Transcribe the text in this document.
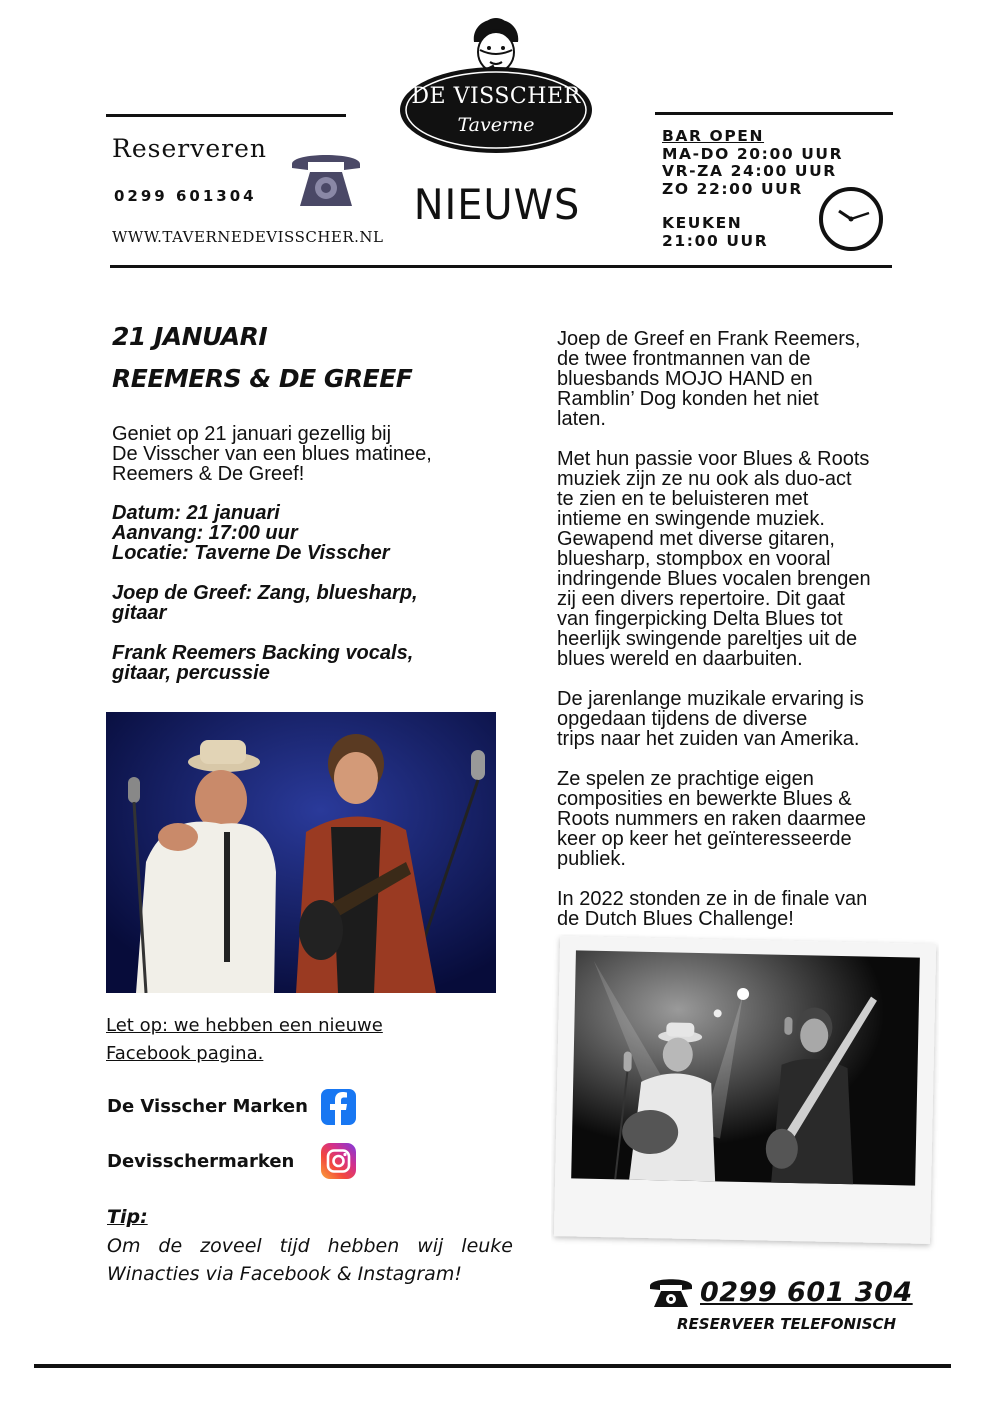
DE VISSCHER
Taverne
Reserveren
0299 601304
WWW.TAVERNEDEVISSCHER.NL
NIEUWS
BAR OPEN
MA-DO 20:00 UUR
VR-ZA 24:00 UUR
ZO 22:00 UUR
KEUKEN
21:00 UUR
21 JANUARI
REEMERS & DE GREEF
Geniet op 21 januari gezellig bij
De Visscher van een blues matinee,
Reemers & De Greef!
Datum: 21 januari
Aanvang: 17:00 uur
Locatie: Taverne De Visscher
Joep de Greef: Zang, bluesharp,
gitaar
Frank Reemers Backing vocals,
gitaar, percussie
Let op: we hebben een nieuwe
Facebook pagina.
De Visscher Marken
Devisschermarken
Tip:
Om de zoveel tijd hebben wij leuke
Winacties via Facebook & Instagram!
Joep de Greef en Frank Reemers,
de twee frontmannen van de
bluesbands MOJO HAND en
Ramblin’ Dog konden het niet
laten.
Met hun passie voor Blues & Roots
muziek zijn ze nu ook als duo-act
te zien en te beluisteren met
intieme en swingende muziek.
Gewapend met diverse gitaren,
bluesharp, stompbox en vooral
indringende Blues vocalen brengen
zij een divers repertoire. Dit gaat
van fingerpicking Delta Blues tot
heerlijk swingende pareltjes uit de
blues wereld en daarbuiten.
De jarenlange muzikale ervaring is
opgedaan tijdens de diverse
trips naar het zuiden van Amerika.
Ze spelen ze prachtige eigen
composities en bewerkte Blues &
Roots nummers en raken daarmee
keer op keer het geïnteresseerde
publiek.
In 2022 stonden ze in de finale van
de Dutch Blues Challenge!
0299 601 304
RESERVEER TELEFONISCH
